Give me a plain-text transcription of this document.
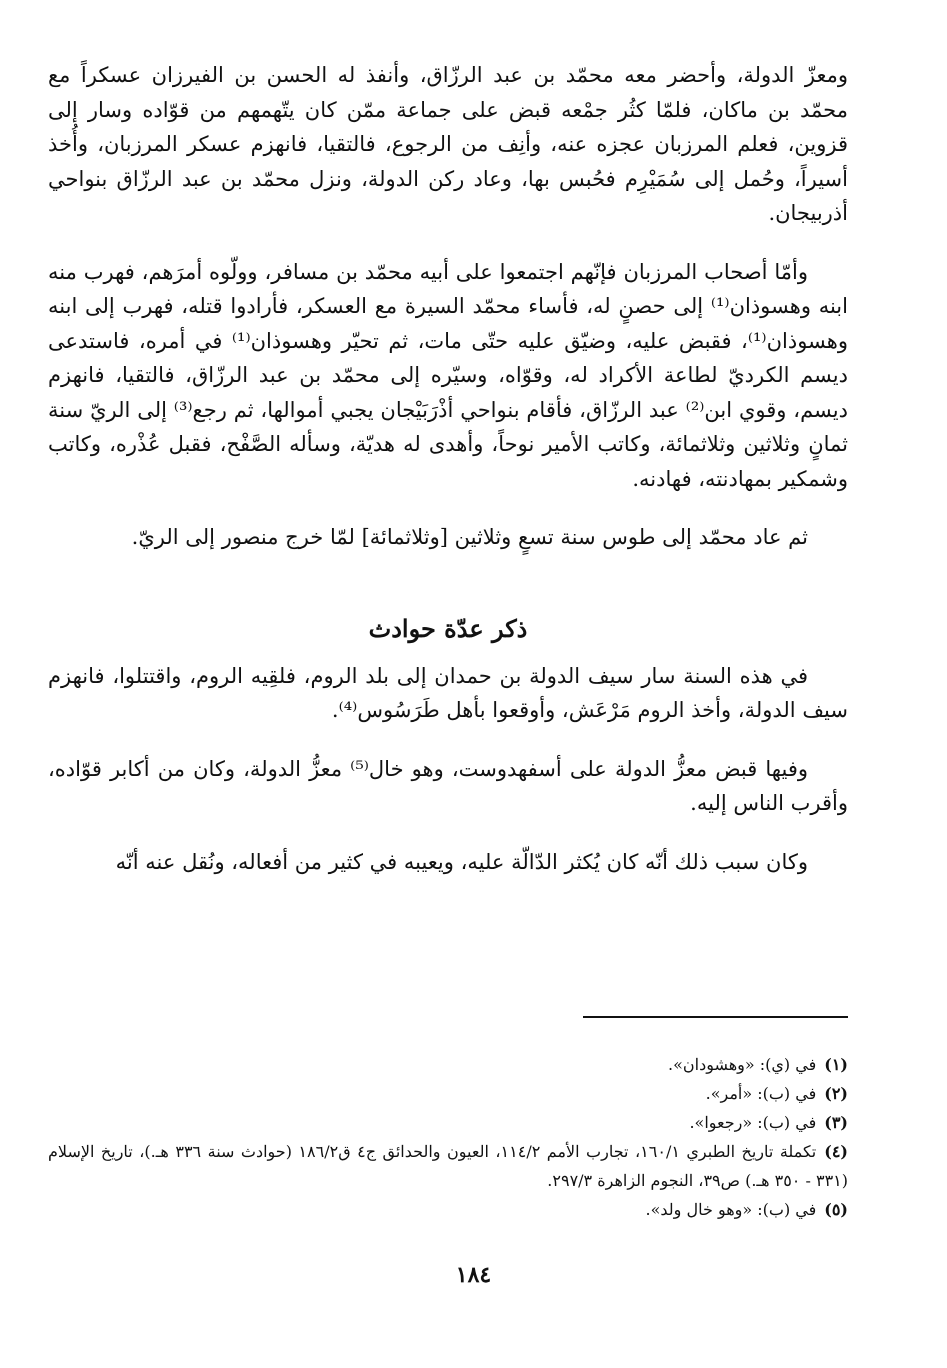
ومعزّ الدولة، وأحضر معه محمّد بن عبد الرزّاق، وأنفذ له الحسن بن الفيرزان عسكراً مع محمّد بن ماكان، فلمّا كثُر جمْعه قبض على جماعة ممّن كان يتّهمهم من قوّاده وسار إلى قزوين، فعلم المرزبان عجزه عنه، وأنِف من الرجوع، فالتقيا، فانهزم عسكر المرزبان، وأُخذ أسيراً، وحُمل إلى سُمَيْرِم فحُبس بها، وعاد ركن الدولة، ونزل محمّد بن عبد الرزّاق بنواحي أذربيجان.

وأمّا أصحاب المرزبان فإنّهم اجتمعوا على أبيه محمّد بن مسافر، وولّوه أمرَهم، فهرب منه ابنه وهسوذان⁽¹⁾ إلى حصنٍ له، فأساء محمّد السيرة مع العسكر، فأرادوا قتله، فهرب إلى ابنه وهسوذان⁽¹⁾، فقبض عليه، وضيّق عليه حتّى مات، ثم تحيّر وهسوذان⁽¹⁾ في أمره، فاستدعى ديسم الكرديّ لطاعة الأكراد له، وقوّاه، وسيّره إلى محمّد بن عبد الرزّاق، فالتقيا، فانهزم ديسم، وقوي ابن⁽²⁾ عبد الرزّاق، فأقام بنواحي أذْرَبَيْجان يجبي أموالها، ثم رجع⁽³⁾ إلى الريّ سنة ثمانٍ وثلاثين وثلاثمائة، وكاتب الأمير نوحاً، وأهدى له هديّة، وسأله الصَّفْح، فقبل عُذْره، وكاتب وشمكير بمهادنته، فهادنه.

ثم عاد محمّد إلى طوس سنة تسعٍ وثلاثين [وثلاثمائة] لمّا خرج منصور إلى الريّ.

ذكر عدّة حوادث

في هذه السنة سار سيف الدولة بن حمدان إلى بلد الروم، فلقِيه الروم، واقتتلوا، فانهزم سيف الدولة، وأخذ الروم مَرْعَش، وأوقعوا بأهل طَرَسُوس⁽⁴⁾.

وفيها قبض معزُّ الدولة على أسفهدوست، وهو خال⁽⁵⁾ معزُّ الدولة، وكان من أكابر قوّاده، وأقرب الناس إليه.

وكان سبب ذلك أنّه كان يُكثر الدّالّة عليه، ويعيبه في كثير من أفعاله، ونُقل عنه أنّه

(١)في (ي): «وهشودان».

(٢)في (ب): «أمر».

(٣)في (ب): «رجعوا».

(٤)تكملة تاريخ الطبري ١٦٠/١، تجارب الأمم ١١٤/٢، العيون والحدائق ج٤ ق١٨٦/٢ (حوادث سنة ٣٣٦ هـ.)، تاريخ الإسلام (٣٣١ - ٣٥٠ هـ.) ص٣٩، النجوم الزاهرة ٢٩٧/٣.

(٥)في (ب): «وهو خال ولد».

١٨٤
